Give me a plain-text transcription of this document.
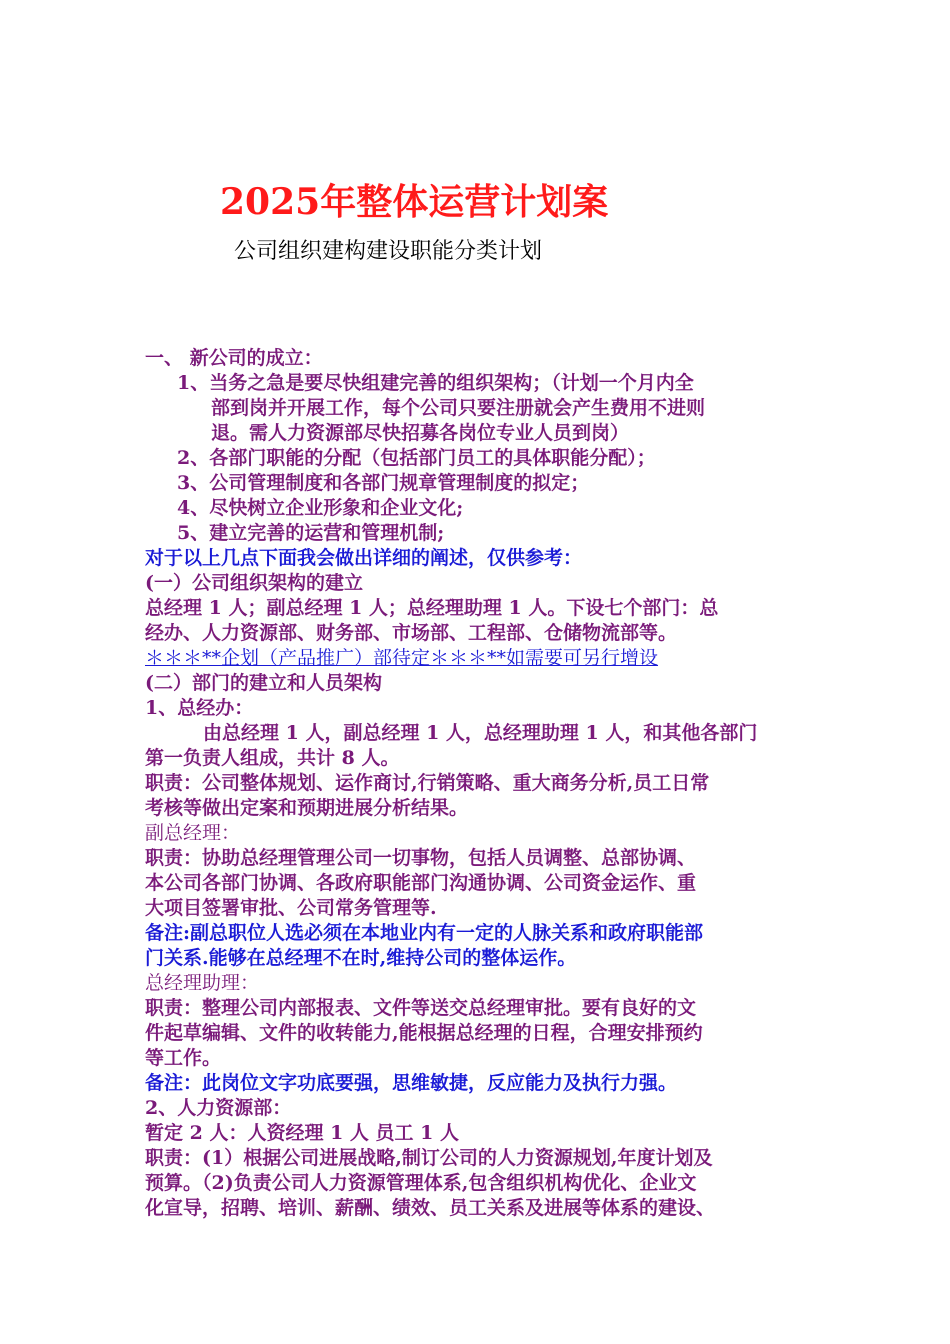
2025年整体运营计划案
公司组织建构建设职能分类计划
一、 新公司的成立：
1、当务之急是要尽快组建完善的组织架构；（计划一个月内全
部到岗并开展工作，每个公司只要注册就会产生费用不进则
退。需人力资源部尽快招募各岗位专业人员到岗）
2、各部门职能的分配（包括部门员工的具体职能分配）；
3、公司管理制度和各部门规章管理制度的拟定；
4、尽快树立企业形象和企业文化;
5、建立完善的运营和管理机制;
对于以上几点下面我会做出详细的阐述，仅供参考：
(一）公司组织架构的建立
总经理 1 人；副总经理 1 人；总经理助理 1 人。下设七个部门：总
经办、人力资源部、财务部、市场部、工程部、仓储物流部等。
＊＊＊**企划（产品推广）部待定＊＊＊**如需要可另行增设
(二）部门的建立和人员架构
1、总经办：
由总经理 1 人，副总经理 1 人，总经理助理 1 人，和其他各部门
第一负责人组成，共计 8 人。
职责：公司整体规划、运作商讨,行销策略、重大商务分析,员工日常
考核等做出定案和预期进展分析结果。
副总经理：
职责：协助总经理管理公司一切事物，包括人员调整、总部协调、
本公司各部门协调、各政府职能部门沟通协调、公司资金运作、重
大项目签署审批、公司常务管理等.
备注:副总职位人选必须在本地业内有一定的人脉关系和政府职能部
门关系.能够在总经理不在时,维持公司的整体运作。
总经理助理：
职责：整理公司内部报表、文件等送交总经理审批。要有良好的文
件起草编辑、文件的收转能力,能根据总经理的日程，合理安排预约
等工作。
备注：此岗位文字功底要强，思维敏捷，反应能力及执行力强。
2、人力资源部：
暂定 2 人：人资经理 1 人 员工 1 人
职责：(1）根据公司进展战略,制订公司的人力资源规划,年度计划及
预算。（2)负责公司人力资源管理体系,包含组织机构优化、企业文
化宣导，招聘、培训、薪酬、绩效、员工关系及进展等体系的建设、
